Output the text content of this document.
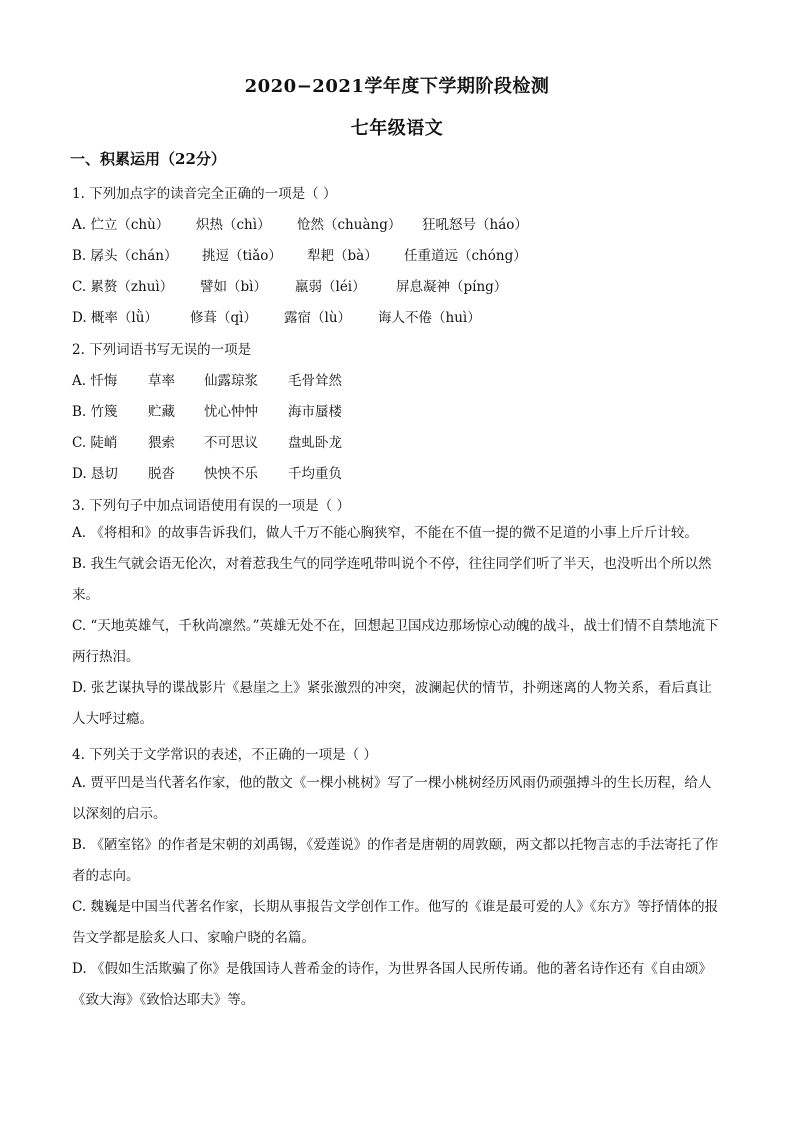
2020−2021学年度下学期阶段检测
七年级语文
一、积累运用（22分）
1. 下列加点字的读音完全正确的一项是（ ）
A. 伫立（chù） 炽热（chì） 怆然（chuàng） 狂吼怒号（háo）
B. 孱头（chán） 挑逗（tiǎo） 犁耙（bà） 任重道远（chóng）
C. 累赘（zhuì） 譬如（bì） 羸弱（léi） 屏息凝神（píng）
D. 概率（lǜ） 修葺（qì） 露宿（lù） 诲人不倦（huì）
2. 下列词语书写无误的一项是
A. 忏悔 草率 仙露琼浆 毛骨耸然
B. 竹篾 贮藏 忧心忡忡 海市蜃楼
C. 陡峭 猥索 不可思议 盘虬卧龙
D. 恳切 脱沓 怏怏不乐 千均重负
3. 下列句子中加点词语使用有误的一项是（ ）
A. 《将相和》的故事告诉我们，做人千万不能心胸狭窄，不能在不值一提的微不足道的小事上斤斤计较。
B. 我生气就会语无伦次，对着惹我生气的同学连吼带叫说个不停，往往同学们听了半天，也没听出个所以然来。
C. “天地英雄气，千秋尚凛然。”英雄无处不在，回想起卫国戍边那场惊心动魄的战斗，战士们情不自禁地流下两行热泪。
D. 张艺谋执导的谍战影片《悬崖之上》紧张激烈的冲突，波澜起伏的情节，扑朔迷离的人物关系，看后真让人大呼过瘾。
4. 下列关于文学常识的表述，不正确的一项是（ ）
A. 贾平凹是当代著名作家，他的散文《一棵小桃树》写了一棵小桃树经历风雨仍顽强搏斗的生长历程，给人以深刻的启示。
B. 《陋室铭》的作者是宋朝的刘禹锡，《爱莲说》的作者是唐朝的周敦颐，两文都以托物言志的手法寄托了作者的志向。
C. 魏巍是中国当代著名作家，长期从事报告文学创作工作。他写的《谁是最可爱的人》《东方》等抒情体的报告文学都是脍炙人口、家喻户晓的名篇。
D. 《假如生活欺骗了你》是俄国诗人普希金的诗作，为世界各国人民所传诵。他的著名诗作还有《自由颂》《致大海》《致恰达耶夫》等。
